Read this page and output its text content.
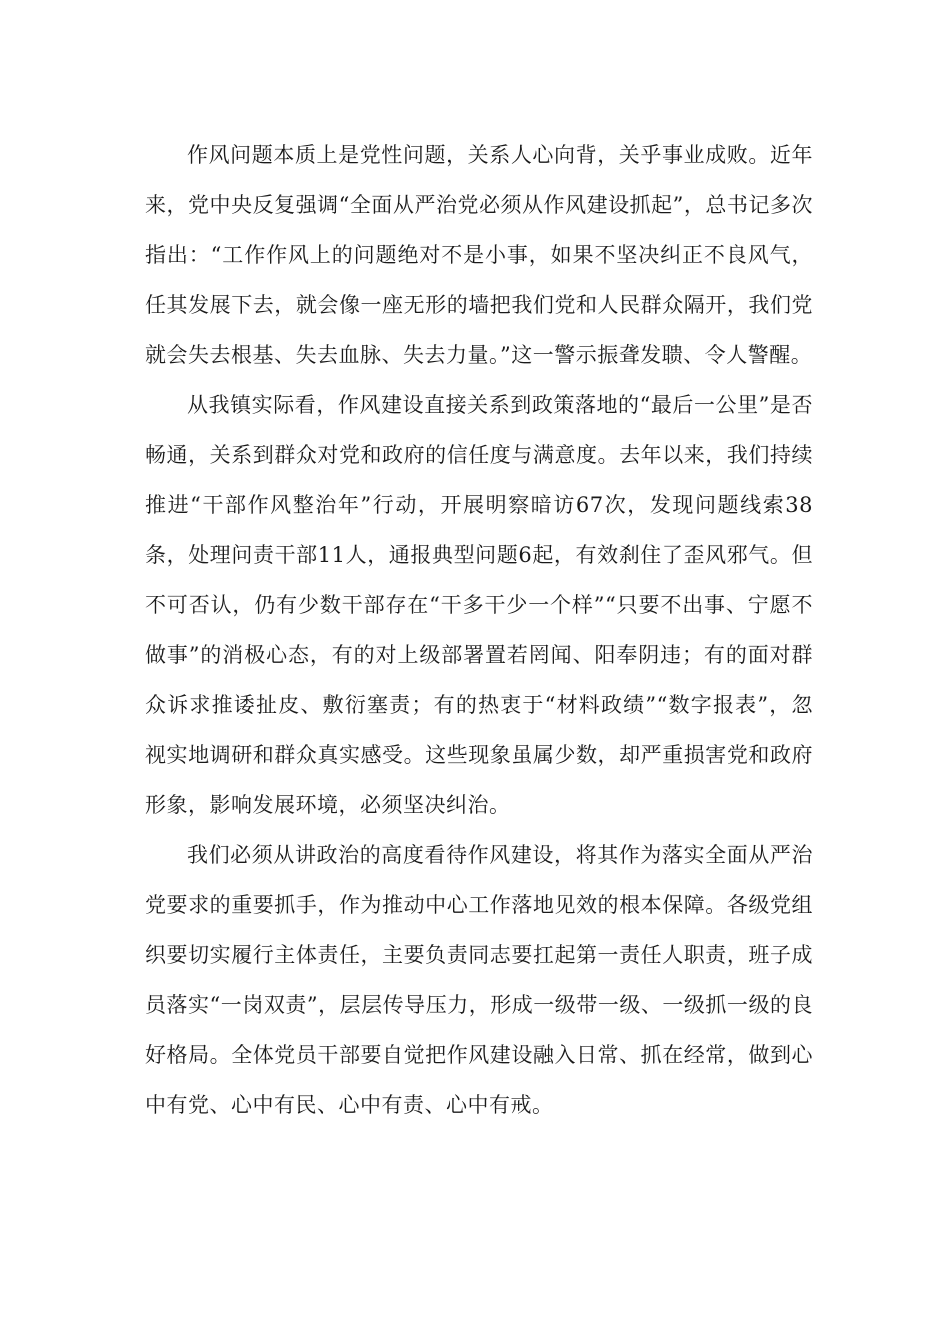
作风问题本质上是党性问题，关系人心向背，关乎事业成败。近年来，党中央反复强调“全面从严治党必须从作风建设抓起”，总书记多次指出：“工作作风上的问题绝对不是小事，如果不坚决纠正不良风气，任其发展下去，就会像一座无形的墙把我们党和人民群众隔开，我们党就会失去根基、失去血脉、失去力量。”这一警示振聋发聩、令人警醒。

从我镇实际看，作风建设直接关系到政策落地的“最后一公里”是否畅通，关系到群众对党和政府的信任度与满意度。去年以来，我们持续推进“干部作风整治年”行动，开展明察暗访67次，发现问题线索38条，处理问责干部11人，通报典型问题6起，有效刹住了歪风邪气。但不可否认，仍有少数干部存在“干多干少一个样”“只要不出事、宁愿不做事”的消极心态，有的对上级部署置若罔闻、阳奉阴违；有的面对群众诉求推诿扯皮、敷衍塞责；有的热衷于“材料政绩”“数字报表”，忽视实地调研和群众真实感受。这些现象虽属少数，却严重损害党和政府形象，影响发展环境，必须坚决纠治。

我们必须从讲政治的高度看待作风建设，将其作为落实全面从严治党要求的重要抓手，作为推动中心工作落地见效的根本保障。各级党组织要切实履行主体责任，主要负责同志要扛起第一责任人职责，班子成员落实“一岗双责”，层层传导压力，形成一级带一级、一级抓一级的良好格局。全体党员干部要自觉把作风建设融入日常、抓在经常，做到心中有党、心中有民、心中有责、心中有戒。
